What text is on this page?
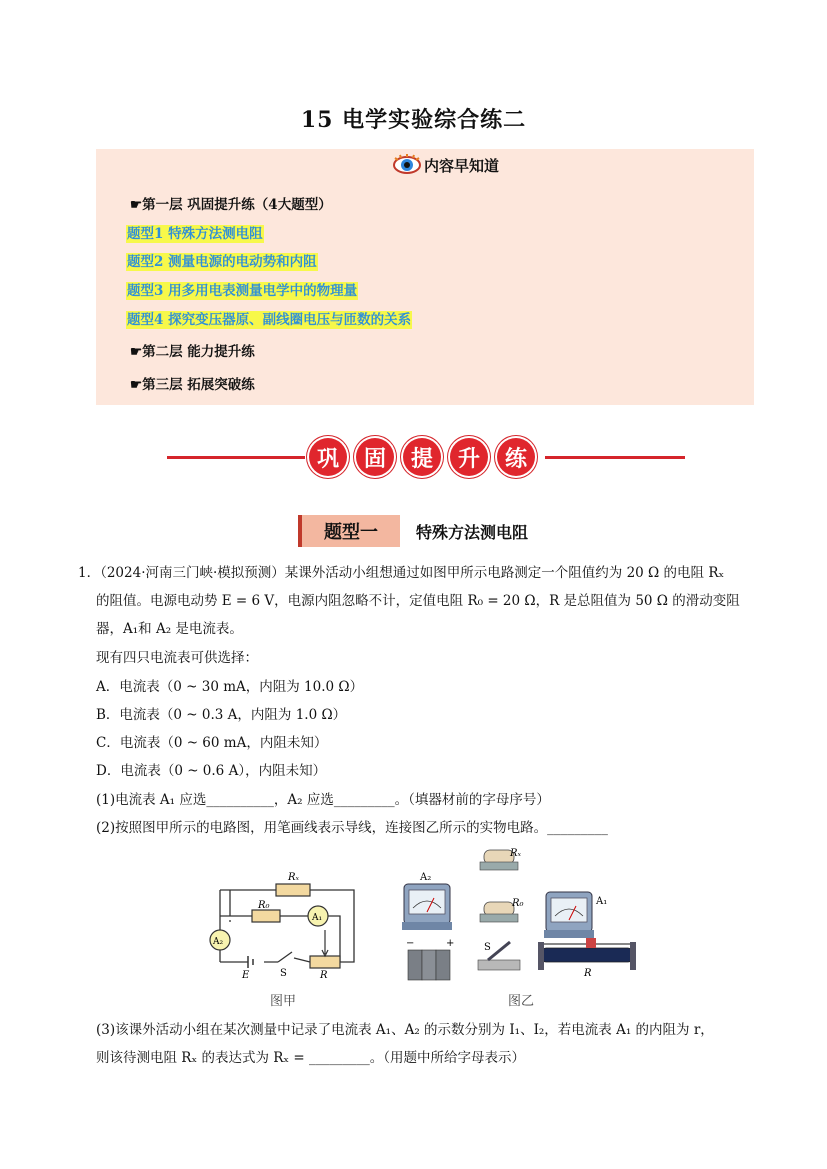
15 电学实验综合练二
内容早知道
☛第一层 巩固提升练（4大题型）
题型1 特殊方法测电阻
题型2 测量电源的电动势和内阻
题型3 用多用电表测量电学中的物理量
题型4 探究变压器原、副线圈电压与匝数的关系
☛第二层 能力提升练
☛第三层 拓展突破练
巩	固	提	升	练
题型一	特殊方法测电阻
1．（2024·河南三门峡·模拟预测）某课外活动小组想通过如图甲所示电路测定一个阻值约为 20 Ω 的电阻 Rₓ
的阻值。电源电动势 E = 6 V，电源内阻忽略不计，定值电阻 R₀ = 20 Ω，R 是总阻值为 50 Ω 的滑动变阻
器，A₁和 A₂ 是电流表。
现有四只电流表可供选择：
A．电流表（0 ~ 30 mA，内阻为 10.0 Ω）
B．电流表（0 ~ 0.3 A，内阻为 1.0 Ω）
C．电流表（0 ~ 60 mA，内阻未知）
D．电流表（0 ~ 0.6 A），内阻未知）
(1)电流表 A₁ 应选__________，A₂ 应选_________。（填器材前的字母序号）
(2)按照图甲所示的电路图，用笔画线表示导线，连接图乙所示的实物电路。_________
Rₓ
R₀
A₁
A₂
S
E	R
图甲
A₂
Rₓ
R₀	A₁
−	+	S
R
图乙
(3)该课外活动小组在某次测量中记录了电流表 A₁、A₂ 的示数分别为 I₁、I₂，若电流表 A₁ 的内阻为 r，
则该待测电阻 Rₓ 的表达式为 Rₓ = _________。（用题中所给字母表示）
